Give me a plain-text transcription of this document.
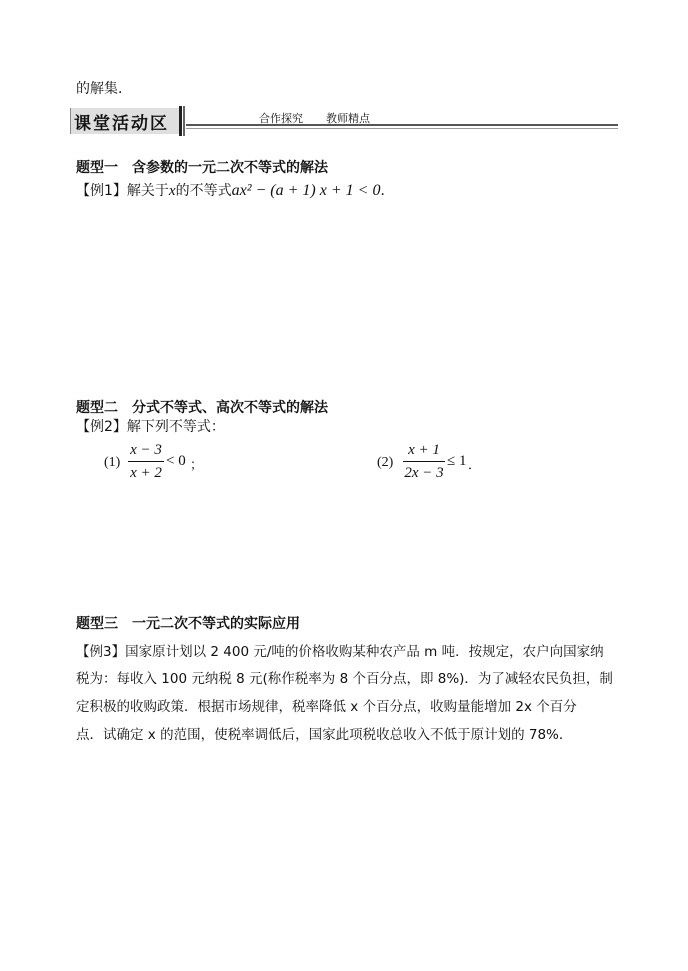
的解集．
课堂活动区	合作探究 教师精点
题型一　含参数的一元二次不等式的解法
【例1】解关于x的不等式ax² − (a + 1) x + 1 < 0．
题型二　分式不等式、高次不等式的解法
【例2】解下列不等式：
(1)
x − 3
x + 2
< 0 ；	(2)
x + 1
2x − 3
≤ 1 ．
题型三　一元二次不等式的实际应用
【例3】国家原计划以 2 400 元/吨的价格收购某种农产品 m 吨．按规定，农户向国家纳
税为：每收入 100 元纳税 8 元(称作税率为 8 个百分点，即 8%)．为了减轻农民负担，制
定积极的收购政策．根据市场规律，税率降低 x 个百分点，收购量能增加 2x 个百分
点．试确定 x 的范围，使税率调低后，国家此项税收总收入不低于原计划的 78%．
